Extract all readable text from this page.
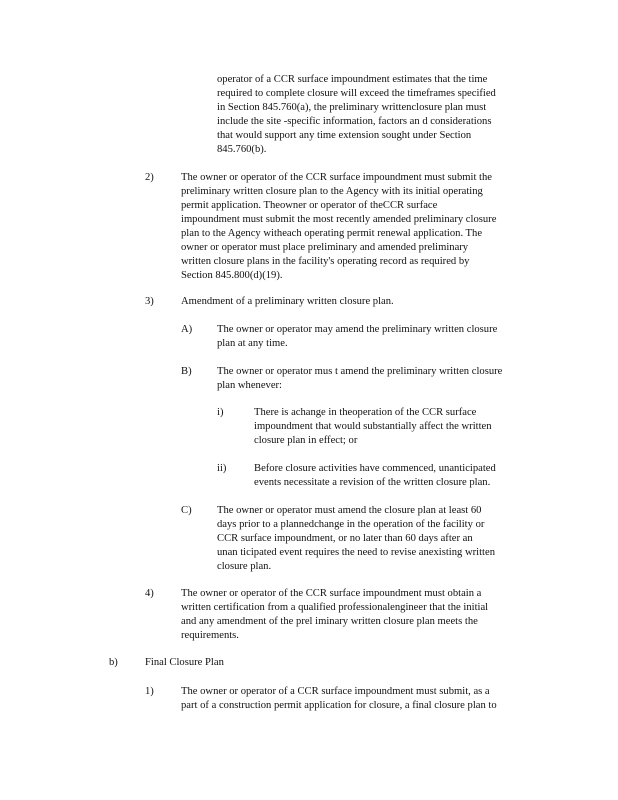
operator of a CCR surface impoundment estimates that the time
required to complete closure will exceed the timeframes specified
in Section 845.760(a), the preliminary writtenclosure plan must
include the site -specific information, factors an d considerations
that would support any time extension sought under Section
845.760(b).
2)	The owner or operator of the CCR surface impoundment must submit the
preliminary written closure plan to the Agency with its initial operating
permit application. Theowner or operator of theCCR surface
impoundment must submit the most recently amended preliminary closure
plan to the Agency witheach operating permit renewal application. The
owner or operator must place preliminary and amended preliminary
written closure plans in the facility's operating record as required by
Section 845.800(d)(19).
3)	Amendment of a preliminary written closure plan.
A) The owner or operator may amend the preliminary written closure
plan at any time.
B) The owner or operator mus t amend the preliminary written closure
plan whenever:
i)	There is achange in theoperation of the CCR surface
impoundment that would substantially affect the written
closure plan in effect; or
ii)	Before closure activities have commenced, unanticipated
events necessitate a revision of the written closure plan.
C) The owner or operator must amend the closure plan at least 60
days prior to a plannedchange in the operation of the facility or
CCR surface impoundment, or no later than 60 days after an
unan ticipated event requires the need to revise anexisting written
closure plan.
4)	The owner or operator of the CCR surface impoundment must obtain a
written certification from a qualified professionalengineer that the initial
and any amendment of the prel iminary written closure plan meets the
requirements.
b)	Final Closure Plan
1)	The owner or operator of a CCR surface impoundment must submit, as a
part of a construction permit application for closure, a final closure plan to
